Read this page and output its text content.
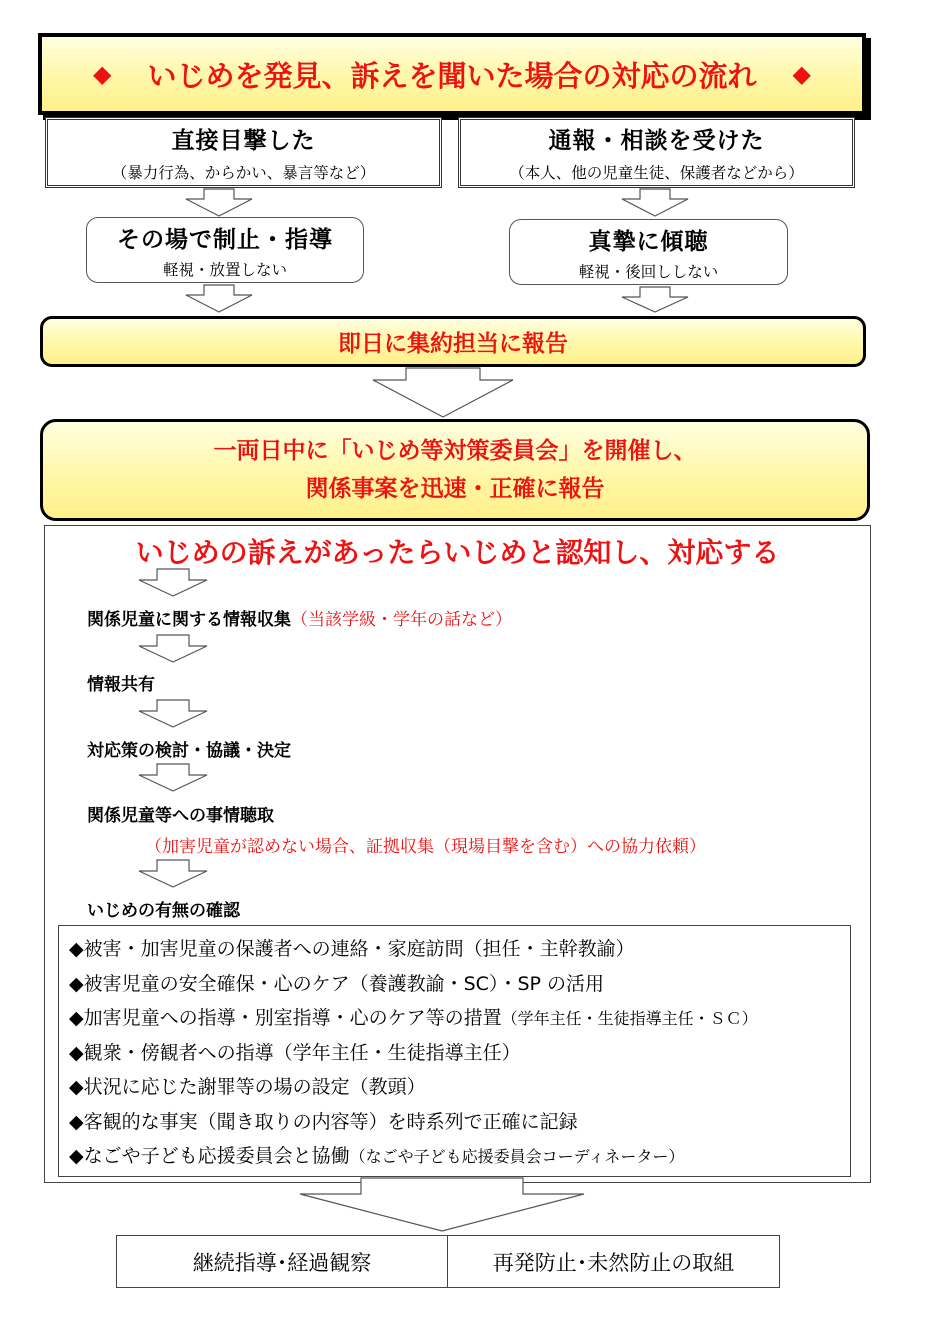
◆ いじめを発見、訴えを聞いた場合の対応の流れ ◆
直接目撃した
（暴力行為、からかい、暴言等など）
通報・相談を受けた
（本人、他の児童生徒、保護者などから）
その場で制止・指導
軽視・放置しない
真摯に傾聴
軽視・後回ししない
即日に集約担当に報告
一両日中に「いじめ等対策委員会」を開催し、
関係事案を迅速・正確に報告
いじめの訴えがあったらいじめと認知し、対応する
関係児童に関する情報収集（当該学級・学年の話など）
情報共有
対応策の検討・協議・決定
関係児童等への事情聴取
（加害児童が認めない場合、証拠収集（現場目撃を含む）への協力依頼）
いじめの有無の確認
◆被害・加害児童の保護者への連絡・家庭訪問（担任・主幹教諭）
◆被害児童の安全確保・心のケア（養護教諭・SC）・SP の活用
◆加害児童への指導・別室指導・心のケア等の措置（学年主任・生徒指導主任・ＳＣ）
◆観衆・傍観者への指導（学年主任・生徒指導主任）
◆状況に応じた謝罪等の場の設定（教頭）
◆客観的な事実（聞き取りの内容等）を時系列で正確に記録
◆なごや子ども応援委員会と協働（なごや子ども応援委員会コーディネーター）
継続指導･経過観察	再発防止･未然防止の取組
